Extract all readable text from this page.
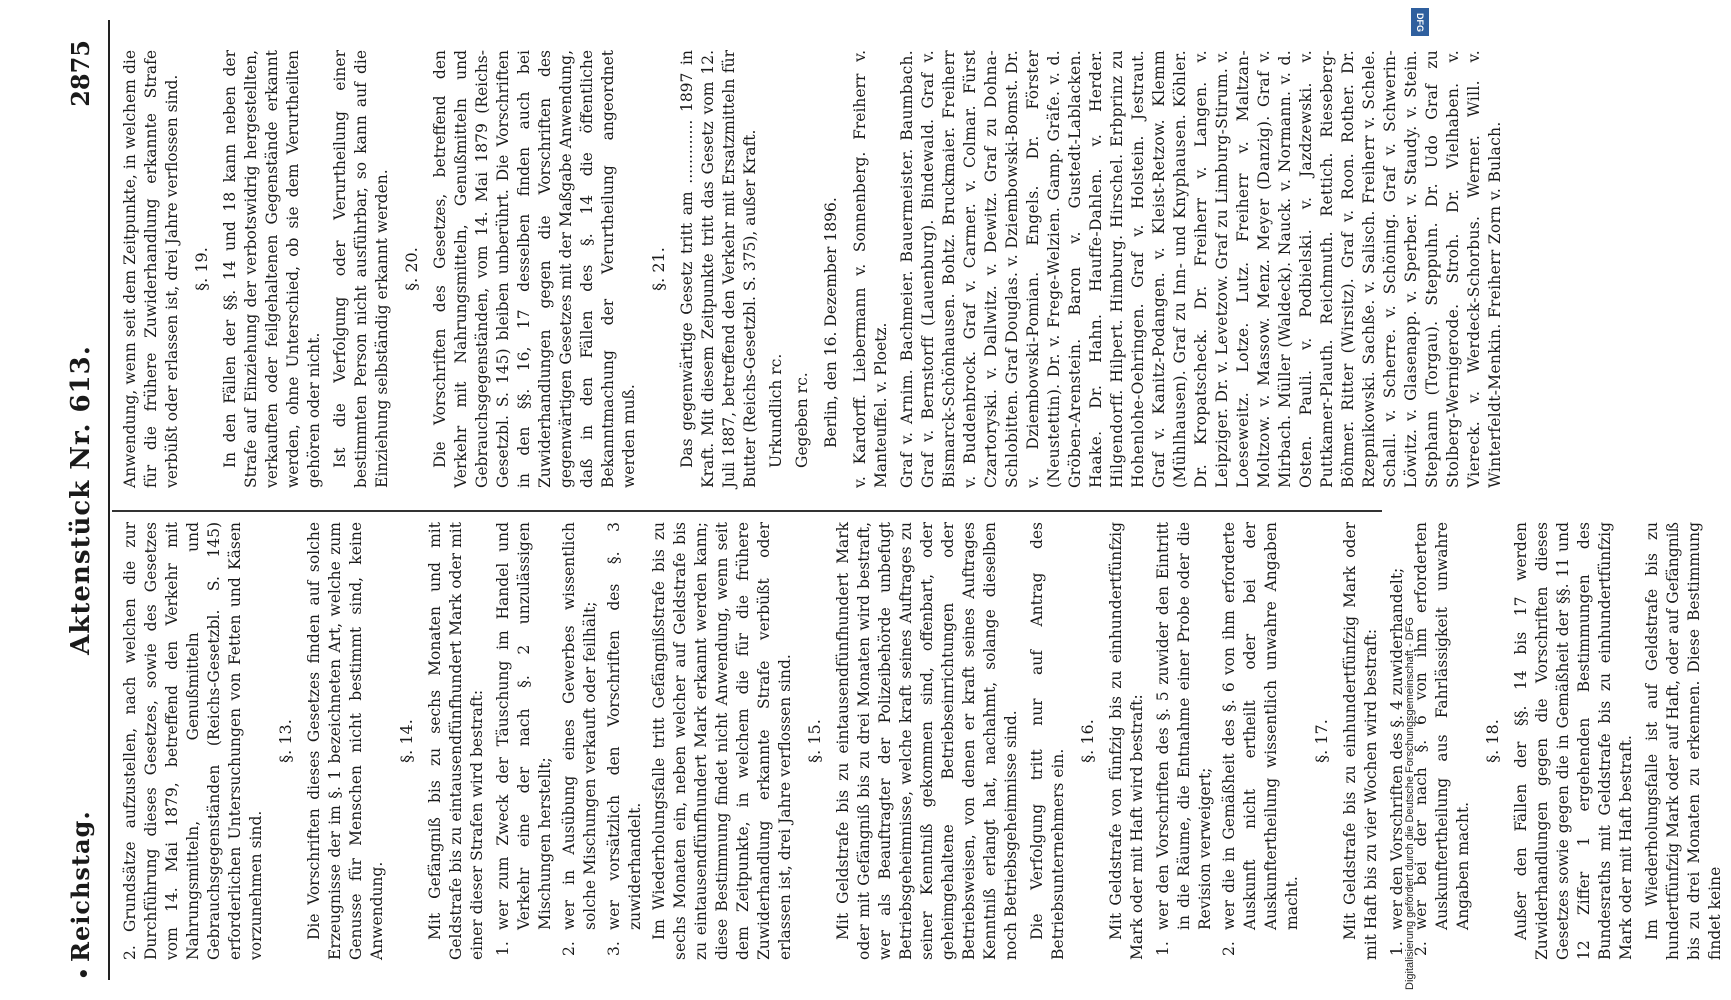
•
Reichstag.
Aktenstück Nr. 613.
2875

2. Grundsätze aufzustellen, nach welchen die zur Durchführung dieses Gesetzes, sowie des Gesetzes vom 14. Mai 1879, betreffend den Verkehr mit Nahrungsmitteln, Genußmitteln und Gebrauchsgegenständen (Reichs-Gesetzbl. S. 145) erforderlichen Untersuchungen von Fetten und Käsen vorzunehmen sind.

§. 13. Die Vorschriften dieses Gesetzes finden auf solche Erzeugnisse der im §. 1 bezeichneten Art, welche zum Genusse für Menschen nicht bestimmt sind, keine Anwendung.

§. 14. Mit Gefängniß bis zu sechs Monaten und mit Geldstrafe bis zu eintausendfünfhundert Mark oder mit einer dieser Strafen wird bestraft: 1.
wer zum Zweck der Täuschung im Handel und Verkehr eine der nach §. 2 unzulässigen Mischungen herstellt;
2.
wer in Ausübung eines Gewerbes wissentlich solche Mischungen verkauft oder feilhält;
3.
wer vorsätzlich den Vorschriften des §. 3 zuwiderhandelt. Im Wiederholungsfalle tritt Gefängnißstrafe bis zu sechs Monaten ein, neben welcher auf Geldstrafe bis zu eintausendfünfhundert Mark erkannt werden kann; diese Bestimmung findet nicht Anwendung, wenn seit dem Zeitpunkte, in welchem die für die frühere Zuwiderhandlung erkannte Strafe verbüßt oder erlassen ist, drei Jahre verflossen sind. §. 15. Mit Geldstrafe bis zu eintausendfünfhundert Mark oder mit Gefängniß bis zu drei Monaten wird bestraft, wer als Beauftragter der Polizeibehörde unbefugt Betriebsgeheimnisse, welche kraft seines Auftrages zu seiner Kenntniß gekommen sind, offenbart, oder geheimgehaltene Betriebseinrichtungen oder Betriebsweisen, von denen er kraft seines Auftrages Kenntniß erlangt hat, nachahmt, solange dieselben noch Betriebsgeheimnisse sind. Die Verfolgung tritt nur auf Antrag des Betriebsunternehmers ein.

§. 16. Mit Geldstrafe von fünfzig bis zu einhundertfünfzig Mark oder mit Haft wird bestraft: 1.
wer den Vorschriften des §. 5 zuwider den Eintritt in die Räume, die Entnahme einer Probe oder die Revision verweigert;
2.
wer die in Gemäßheit des §. 6 von ihm erforderte Auskunft nicht ertheilt oder bei der Auskunftertheilung wissentlich unwahre Angaben macht.
§. 17. Mit Geldstrafe bis zu einhundertfünfzig Mark oder mit Haft bis zu vier Wochen wird bestraft: 1.
wer den Vorschriften des §. 4 zuwiderhandelt;
2.
wer bei der nach §. 6 von ihm erforderten Auskunftertheilung aus Fahrlässigkeit unwahre Angaben macht.
§. 18. Außer den Fällen der §§. 14 bis 17 werden Zuwiderhandlungen gegen die Vorschriften dieses Gesetzes sowie gegen die in Gemäßheit der §§. 11 und 12 Ziffer 1 ergehenden Bestimmungen des Bundesraths mit Geldstrafe bis zu einhundertfünfzig Mark oder mit Haft bestraft. Im Wiederholungsfalle ist auf Geldstrafe bis zu hundertfünfzig Mark oder auf Haft, oder auf Gefängniß bis zu drei Monaten zu erkennen. Diese Bestimmung findet keine

Anwendung, wenn seit dem Zeitpunkte, in welchem die für die frühere Zuwiderhandlung erkannte Strafe verbüßt oder erlassen ist, drei Jahre verflossen sind. §. 19. In den Fällen der §§. 14 und 18 kann neben der Strafe auf Einziehung der verbotswidrig hergestellten, verkauften oder feilgehaltenen Gegenstände erkannt werden, ohne Unterschied, ob sie dem Verurtheilten gehören oder nicht. Ist die Verfolgung oder Verurtheilung einer bestimmten Person nicht ausführbar, so kann auf die Einziehung selbständig erkannt werden. §. 20. Die Vorschriften des Gesetzes, betreffend den Verkehr mit Nahrungsmitteln, Genußmitteln und Gebrauchsgegenständen, vom 14. Mai 1879 (Reichs-Gesetzbl. S. 145) bleiben unberührt. Die Vorschriften in den §§. 16, 17 desselben finden auch bei Zuwiderhandlungen gegen die Vorschriften des gegenwärtigen Gesetzes mit der Maßgabe Anwendung, daß in den Fällen des §. 14 die öffentliche Bekanntmachung der Verurtheilung angeordnet werden muß.

§. 21. Das gegenwärtige Gesetz tritt am ............. 1897 in Kraft. Mit diesem Zeitpunkte tritt das Gesetz vom 12. Juli 1887, betreffend den Verkehr mit Ersatzmitteln für Butter (Reichs-Gesetzbl. S. 375), außer Kraft. Urkundlich rc. Gegeben rc. Berlin, den 16. Dezember 1896. v. Kardorff. Liebermann v. Sonnenberg. Freiherr v. Manteuffel. v. Ploetz. Graf v. Arnim. Bachmeier. Bauermeister. Baumbach. Graf v. Bernstorff (Lauenburg). Bindewald. Graf v. Bismarck-Schönhausen. Bohtz. Bruckmaier. Freiherr v. Buddenbrock. Graf v. Carmer. v. Colmar. Fürst Czartoryski. v. Dallwitz. v. Dewitz. Graf zu Dohna-Schlobitten. Graf Douglas. v. Dziembowski-Bomst. Dr. v. Dziembowski-Pomian. Engels. Dr. Förster (Neustettin). Dr. v. Frege-Welzien. Gamp. Gräfe. v. d. Gröben-Arenstein. Baron v. Gustedt-Lablacken. Haake. Dr. Hahn. Hauffe-Dahlen. v. Herder. Hilgendorff. Hilpert. Himburg. Hirschel. Erbprinz zu Hohenlohe-Oehringen. Graf v. Holstein. Jestraut. Graf v. Kanitz-Podangen. v. Kleist-Retzow. Klemm (Mühlhausen). Graf zu Inn- und Knyphausen. Köhler. Dr. Kropatscheck. Dr. Freiherr v. Langen. v. Leipziger. Dr. v. Levetzow. Graf zu Limburg-Stirum. v. Loeseweitz. Lotze. Lutz. Freiherr v. Maltzan-Moltzow. v. Massow. Menz. Meyer (Danzig). Graf v. Mirbach. Müller (Waldeck). Nauck. v. Normann. v. d. Osten. Pauli. v. Podbielski. v. Jazdzewski. v. Puttkamer-Plauth. Reichmuth. Rettich. Rieseberg-Böhmer. Ritter (Wirsitz). Graf v. Roon. Rother. Dr. Rzepnikowski. Sachße. v. Salisch. Freiherr v. Schele. Schall. v. Scherre. v. Schöning. Graf v. Schwerin-Löwitz. v. Glasenapp. v. Sperber. v. Staudy. v. Stein. Stephann (Torgau). Steppuhn. Dr. Udo Graf zu Stolberg-Wernigerode. Stroh. Dr. Vielhaben. v. Viereck. v. Werdeck-Schorbus. Werner. Will. v. Winterfeldt-Menkin. Freiherr Zorn v. Bulach.

DFG
Digitalisierung gefördert durch die Deutsche Forschungsgemeinschaft - DFG
